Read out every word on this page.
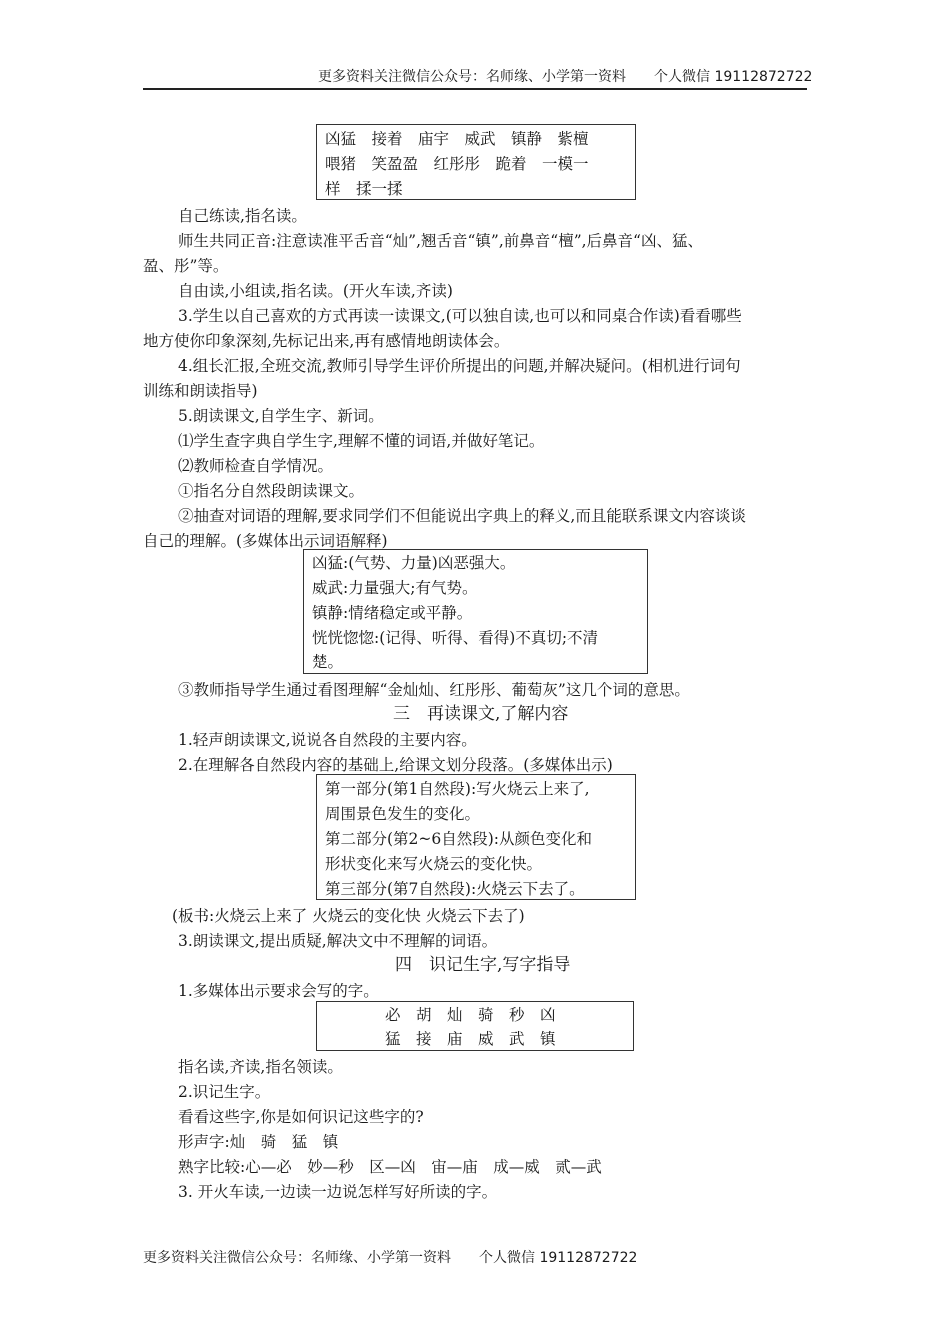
更多资料关注微信公众号：名师缘、小学第一资料　　个人微信 19112872722
凶猛　接着　庙宇　威武　镇静　紫檀
喂猪　笑盈盈　红彤彤　跪着　一模一
样　揉一揉
自己练读,指名读。
师生共同正音:注意读准平舌音“灿”,翘舌音“镇”,前鼻音“檀”,后鼻音“凶、猛、
盈、彤”等。
自由读,小组读,指名读。(开火车读,齐读)
3.学生以自己喜欢的方式再读一读课文,(可以独自读,也可以和同桌合作读)看看哪些
地方使你印象深刻,先标记出来,再有感情地朗读体会。
4.组长汇报,全班交流,教师引导学生评价所提出的问题,并解决疑问。(相机进行词句
训练和朗读指导)
5.朗读课文,自学生字、新词。
⑴学生查字典自学生字,理解不懂的词语,并做好笔记。
⑵教师检查自学情况。
①指名分自然段朗读课文。
②抽查对词语的理解,要求同学们不但能说出字典上的释义,而且能联系课文内容谈谈
自己的理解。(多媒体出示词语解释)
凶猛:(气势、力量)凶恶强大。
威武:力量强大;有气势。
镇静:情绪稳定或平静。
恍恍惚惚:(记得、听得、看得)不真切;不清
楚。
③教师指导学生通过看图理解“金灿灿、红彤彤、葡萄灰”这几个词的意思。
三　再读课文,了解内容
1.轻声朗读课文,说说各自然段的主要内容。
2.在理解各自然段内容的基础上,给课文划分段落。(多媒体出示)
第一部分(第1自然段):写火烧云上来了,
周围景色发生的变化。
第二部分(第2~6自然段):从颜色变化和
形状变化来写火烧云的变化快。
第三部分(第7自然段):火烧云下去了。
(板书:火烧云上来了 火烧云的变化快 火烧云下去了)
3.朗读课文,提出质疑,解决文中不理解的词语。
四　识记生字,写字指导
1.多媒体出示要求会写的字。
必　胡　灿　骑　秒　凶
猛　接　庙　威　武　镇
指名读,齐读,指名领读。
2.识记生字。
看看这些字,你是如何识记这些字的?
形声字:灿　骑　猛　镇
熟字比较:心—必　妙—秒　区—凶　宙—庙　成—威　贰—武
3. 开火车读,一边读一边说怎样写好所读的字。
更多资料关注微信公众号：名师缘、小学第一资料　　个人微信 19112872722
